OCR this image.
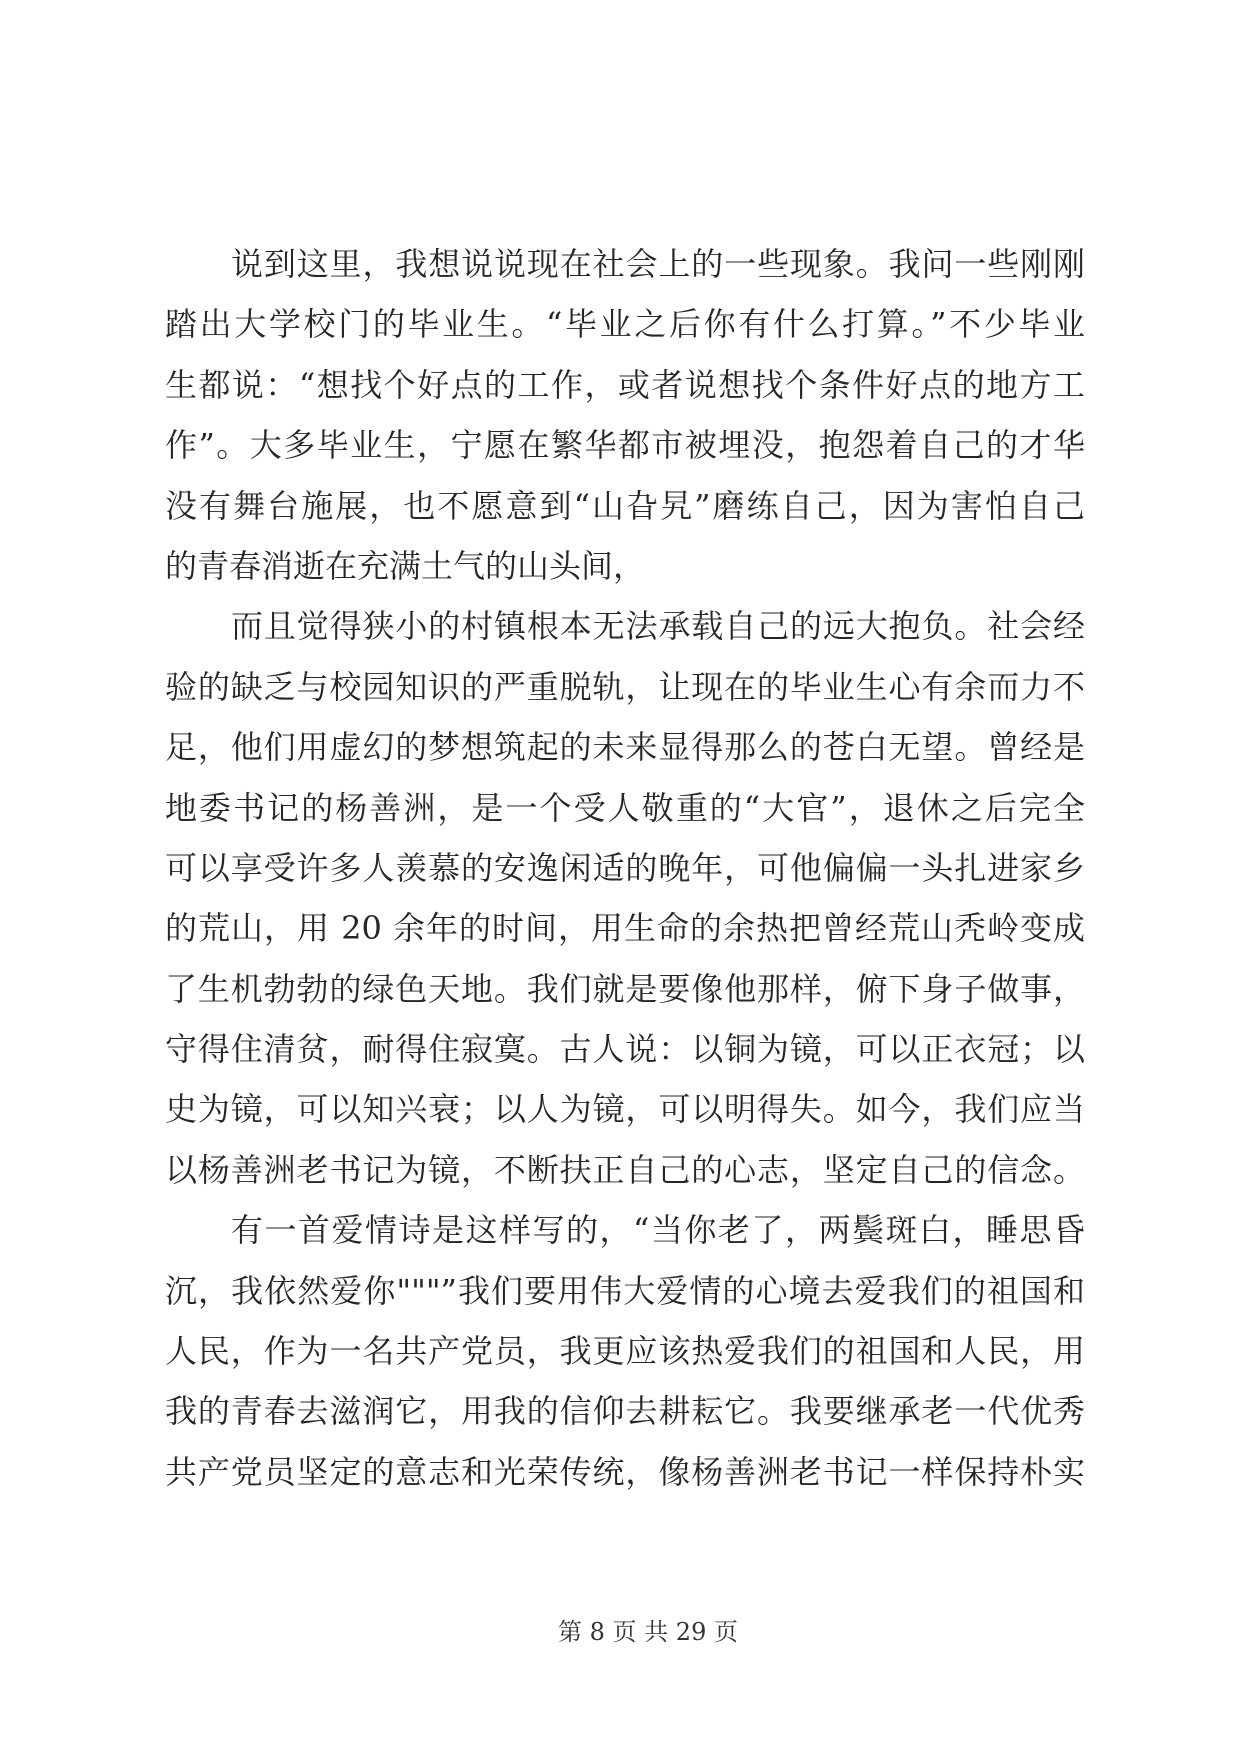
说到这里，我想说说现在社会上的一些现象。我问一些刚刚
踏出大学校门的毕业生。“毕业之后你有什么打算。”不少毕业
生都说：“想找个好点的工作，或者说想找个条件好点的地方工
作”。大多毕业生，宁愿在繁华都市被埋没，抱怨着自己的才华
没有舞台施展，也不愿意到“山旮旯”磨练自己，因为害怕自己
的青春消逝在充满土气的山头间，
而且觉得狭小的村镇根本无法承载自己的远大抱负。社会经
验的缺乏与校园知识的严重脱轨，让现在的毕业生心有余而力不
足，他们用虚幻的梦想筑起的未来显得那么的苍白无望。曾经是
地委书记的杨善洲，是一个受人敬重的“大官”，退休之后完全
可以享受许多人羡慕的安逸闲适的晚年，可他偏偏一头扎进家乡
的荒山，用 20 余年的时间，用生命的余热把曾经荒山秃岭变成
了生机勃勃的绿色天地。我们就是要像他那样，俯下身子做事，
守得住清贫，耐得住寂寞。古人说：以铜为镜，可以正衣冠；以
史为镜，可以知兴衰；以人为镜，可以明得失。如今，我们应当
以杨善洲老书记为镜，不断扶正自己的心志，坚定自己的信念。
有一首爱情诗是这样写的，“当你老了，两鬓斑白，睡思昏
沉，我依然爱你"""”我们要用伟大爱情的心境去爱我们的祖国和
人民，作为一名共产党员，我更应该热爱我们的祖国和人民，用
我的青春去滋润它，用我的信仰去耕耘它。我要继承老一代优秀
共产党员坚定的意志和光荣传统，像杨善洲老书记一样保持朴实
第 8 页 共 29 页
